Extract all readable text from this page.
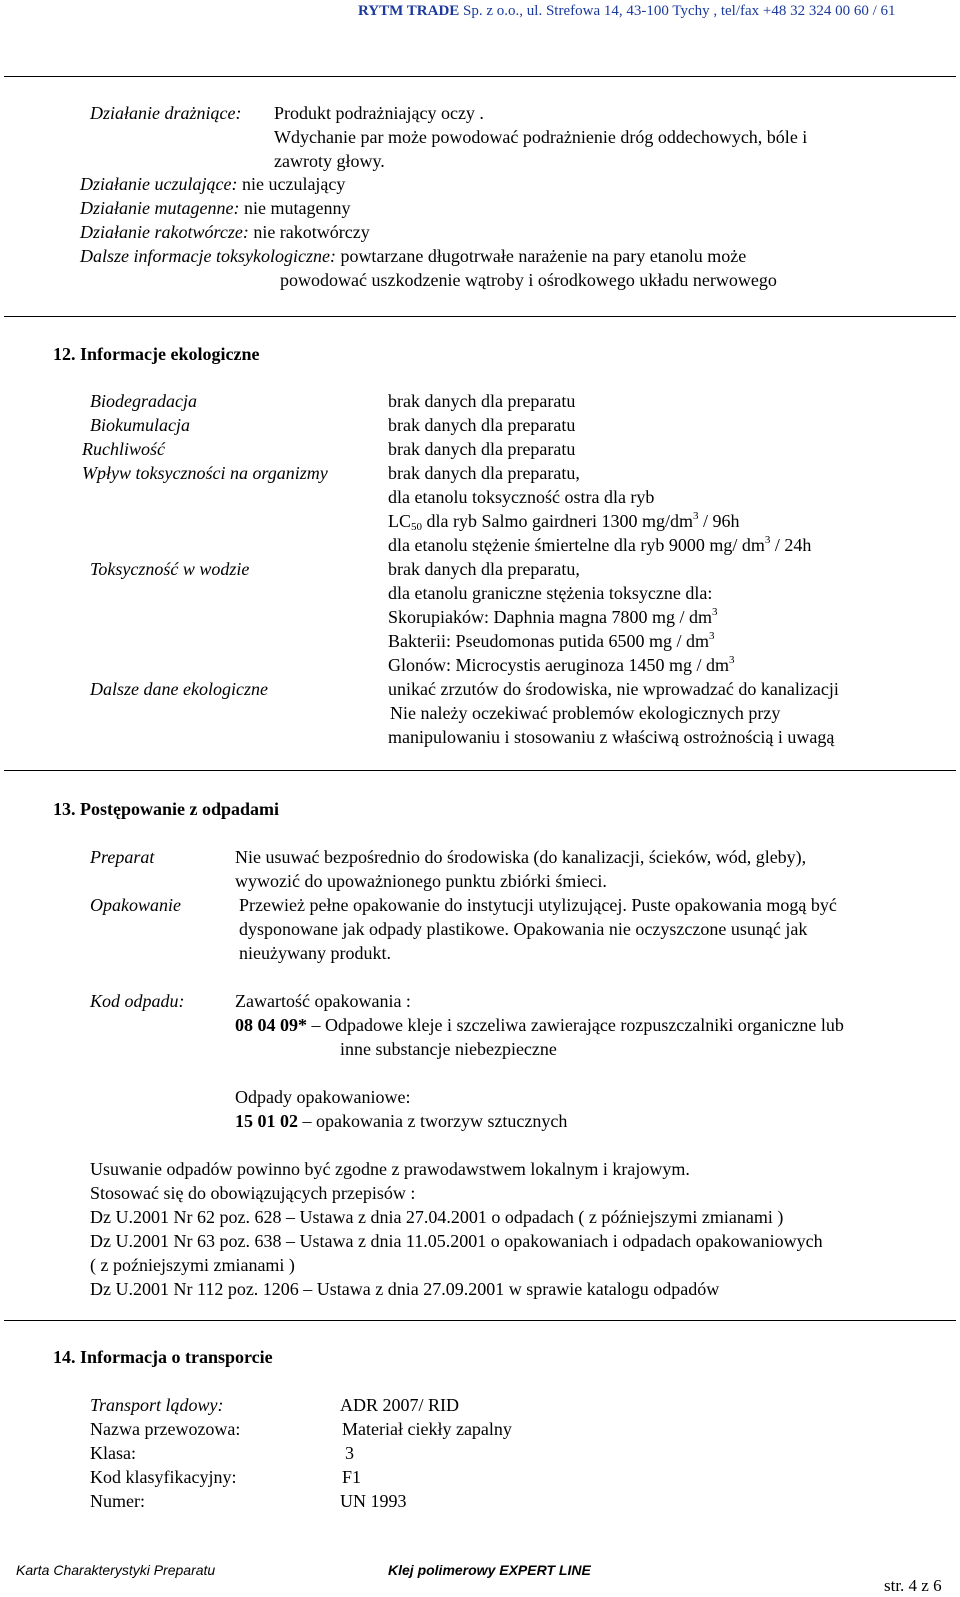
RYTM TRADE Sp. z o.o., ul. Strefowa 14, 43-100 Tychy , tel/fax +48 32 324 00 60 / 61
Działanie drażniące: Produkt podrażniający oczy .
Wdychanie par może powodować podrażnienie dróg oddechowych, bóle i
zawroty głowy.
Działanie uczulające: nie uczulający
Działanie mutagenne: nie mutagenny
Działanie rakotwórcze: nie rakotwórczy
Dalsze informacje toksykologiczne: powtarzane długotrwałe narażenie na pary etanolu może
powodować uszkodzenie wątroby i ośrodkowego układu nerwowego
12. Informacje ekologiczne
Biodegradacja	brak danych dla preparatu
Biokumulacja	brak danych dla preparatu
Ruchliwość	brak danych dla preparatu
Wpływ toksyczności na organizmy	brak danych dla preparatu,
dla etanolu toksyczność ostra dla ryb
$LC_{50}$ dla ryb Salmo gairdneri 1300 $mg/dm^3 / 96h$
dla etanolu stężenie śmiertelne dla ryb 9000 mg/ $dm^3 / 24h$
Toksyczność w wodzie	brak danych dla preparatu,
dla etanolu graniczne stężenia toksyczne dla:
Skorupiaków: Daphnia magna 7800 mg / $dm^3$
Bakterii: Pseudomonas putida 6500 mg / $dm^3$
Glonów: Microcystis aeruginoza 1450 mg / $dm^3$
Dalsze dane ekologiczne	unikać zrzutów do środowiska, nie wprowadzać do kanalizacji
Nie należy oczekiwać problemów ekologicznych przy
manipulowaniu i stosowaniu z właściwą ostrożnością i uwagą
13. Postępowanie z odpadami
Preparat	Nie usuwać bezpośrednio do środowiska (do kanalizacji, ścieków, wód, gleby),
wywozić do upoważnionego punktu zbiórki śmieci.
Opakowanie	Przewież pełne opakowanie do instytucji utylizującej. Puste opakowania mogą być
dysponowane jak odpady plastikowe. Opakowania nie oczyszczone usunąć jak
nieużywany produkt.
Kod odpadu:	Zawartość opakowania :
08 04 09* – Odpadowe kleje i szczeliwa zawierające rozpuszczalniki organiczne lub
inne substancje niebezpieczne
Odpady opakowaniowe:
15 01 02 – opakowania z tworzyw sztucznych
Usuwanie odpadów powinno być zgodne z prawodawstwem lokalnym i krajowym.
Stosować się do obowiązujących przepisów :
Dz U.2001 Nr 62 poz. 628 – Ustawa z dnia 27.04.2001 o odpadach ( z późniejszymi zmianami )
Dz U.2001 Nr 63 poz. 638 – Ustawa z dnia 11.05.2001 o opakowaniach i odpadach opakowaniowych
( z poźniejszymi zmianami )
Dz U.2001 Nr 112 poz. 1206 – Ustawa z dnia 27.09.2001 w sprawie katalogu odpadów
14. Informacja o transporcie
Transport lądowy:	ADR 2007/ RID
Nazwa przewozowa:	Materiał ciekły zapalny
Klasa:	3
Kod klasyfikacyjny:	F1
Numer:	UN 1993
Karta Charakterystyki Preparatu	Klej polimerowy EXPERT LINE
str. 4 z 6
